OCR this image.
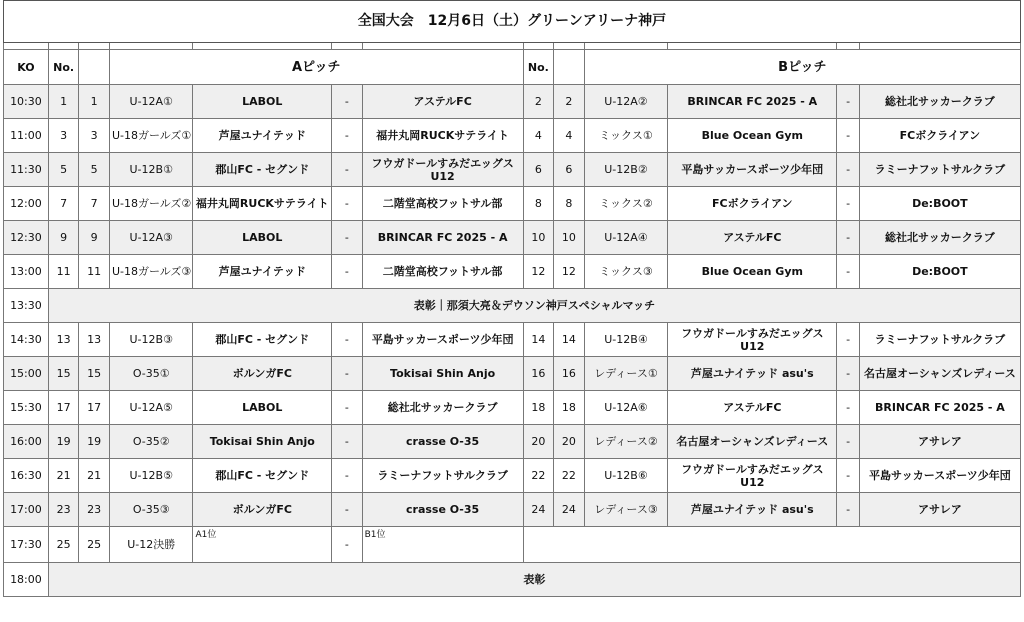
全国大会　12月6日（土）グリーンアリーナ神戸												

KO	No.		Aピッチ				No.		Bピッチ			
10:30	1	1	U-12A①	LABOL	-	アステルFC	2	2	U-12A②	BRINCAR FC 2025 - A	-	総社北サッカークラブ
11:00	3	3	U-18ガールズ①	芦屋ユナイテッド	-	福井丸岡RUCKサテライト	4	4	ミックス①	Blue Ocean Gym	-	FCボクライアン
11:30	5	5	U-12B①	郡山FC - セグンド	-	フウガドールすみだエッグス U12	6	6	U-12B②	平島サッカースポーツ少年団	-	ラミーナフットサルクラブ
12:00	7	7	U-18ガールズ②	福井丸岡RUCKサテライト	-	二階堂高校フットサル部	8	8	ミックス②	FCボクライアン	-	De:BOOT
12:30	9	9	U-12A③	LABOL	-	BRINCAR FC 2025 - A	10	10	U-12A④	アステルFC	-	総社北サッカークラブ
13:00	11	11	U-18ガールズ③	芦屋ユナイテッド	-	二階堂高校フットサル部	12	12	ミックス③	Blue Ocean Gym	-	De:BOOT
13:30	表彰｜那須大亮＆デウソン神戸スペシャルマッチ											
14:30	13	13	U-12B③	郡山FC - セグンド	-	平島サッカースポーツ少年団	14	14	U-12B④	フウガドールすみだエッグス U12	-	ラミーナフットサルクラブ
15:00	15	15	O-35①	ボルンガFC	-	Tokisai Shin Anjo	16	16	レディース①	芦屋ユナイテッド asu's	-	名古屋オーシャンズレディース
15:30	17	17	U-12A⑤	LABOL	-	総社北サッカークラブ	18	18	U-12A⑥	アステルFC	-	BRINCAR FC 2025 - A
16:00	19	19	O-35②	Tokisai Shin Anjo	-	crasse O-35	20	20	レディース②	名古屋オーシャンズレディース	-	アサレア
16:30	21	21	U-12B⑤	郡山FC - セグンド	-	ラミーナフットサルクラブ	22	22	U-12B⑥	フウガドールすみだエッグス U12	-	平島サッカースポーツ少年団
17:00	23	23	O-35③	ボルンガFC	-	crasse O-35	24	24	レディース③	芦屋ユナイテッド asu's	-	アサレア
17:30	25	25	U-12決勝	A1位	-	B1位						
18:00	表彰											
